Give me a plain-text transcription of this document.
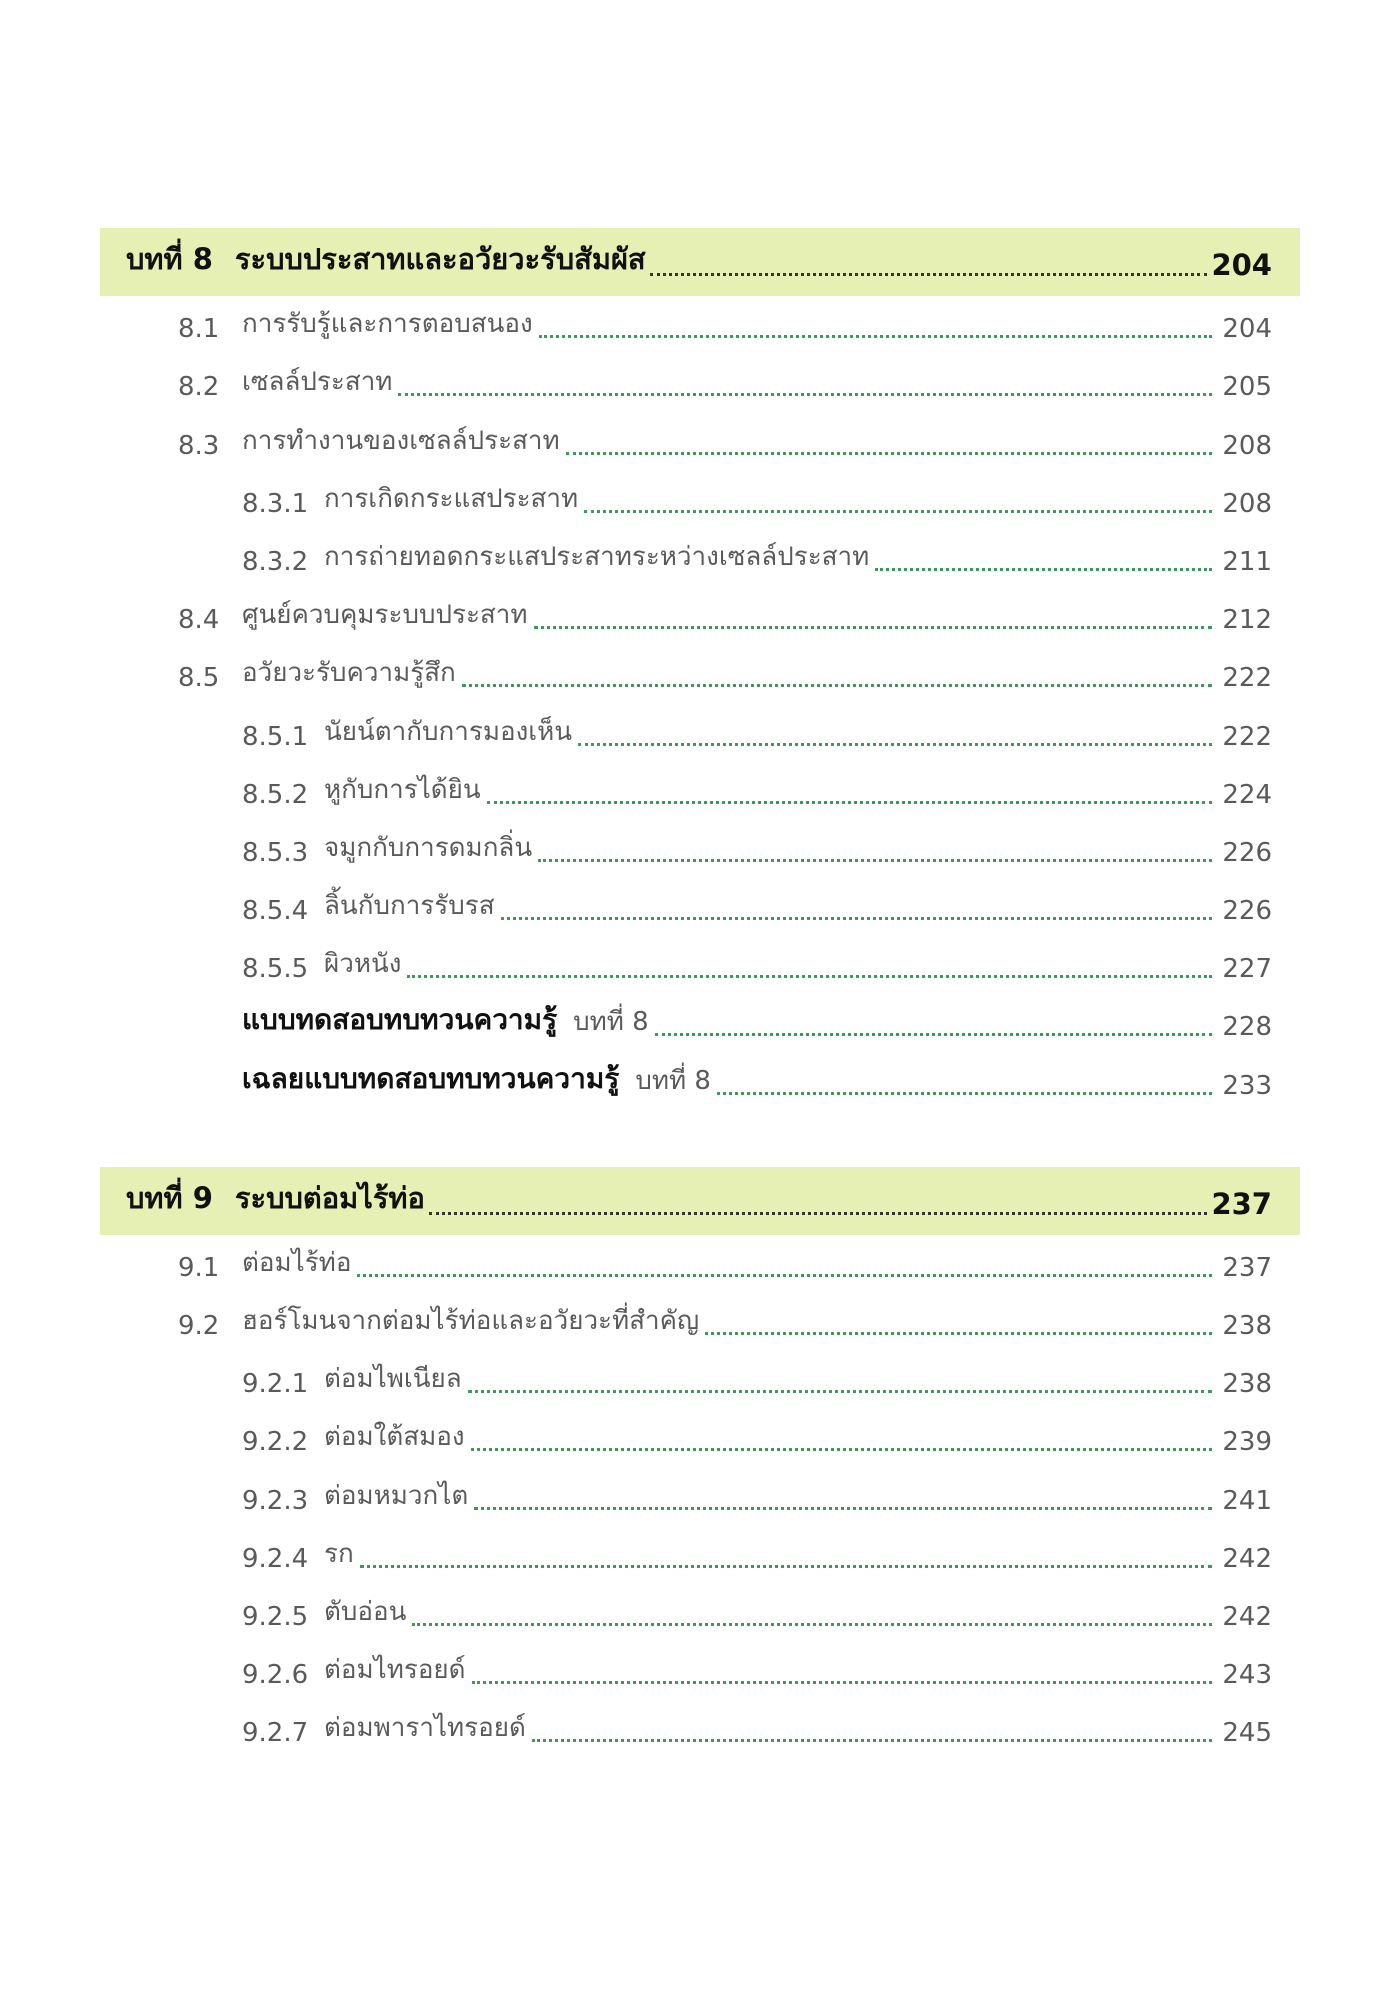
บทที่ 8 ระบบประสาทและอวัยวะรับสัมผัส	204
8.1 การรับรู้และการตอบสนอง	204
8.2 เซลล์ประสาท	205
8.3 การทำงานของเซลล์ประสาท	208
8.3.1 การเกิดกระแสประสาท	208
8.3.2 การถ่ายทอดกระแสประสาทระหว่างเซลล์ประสาท	211
8.4 ศูนย์ควบคุมระบบประสาท	212
8.5 อวัยวะรับความรู้สึก	222
8.5.1 นัยน์ตากับการมองเห็น	222
8.5.2 หูกับการได้ยิน	224
8.5.3 จมูกกับการดมกลิ่น	226
8.5.4 ลิ้นกับการรับรส	226
8.5.5 ผิวหนัง	227
แบบทดสอบทบทวนความรู้ บทที่ 8	228
เฉลยแบบทดสอบทบทวนความรู้ บทที่ 8	233
บทที่ 9 ระบบต่อมไร้ท่อ	237
9.1 ต่อมไร้ท่อ	237
9.2 ฮอร์โมนจากต่อมไร้ท่อและอวัยวะที่สำคัญ	238
9.2.1 ต่อมไพเนียล	238
9.2.2 ต่อมใต้สมอง	239
9.2.3 ต่อมหมวกไต	241
9.2.4 รก	242
9.2.5 ตับอ่อน	242
9.2.6 ต่อมไทรอยด์	243
9.2.7 ต่อมพาราไทรอยด์	245
